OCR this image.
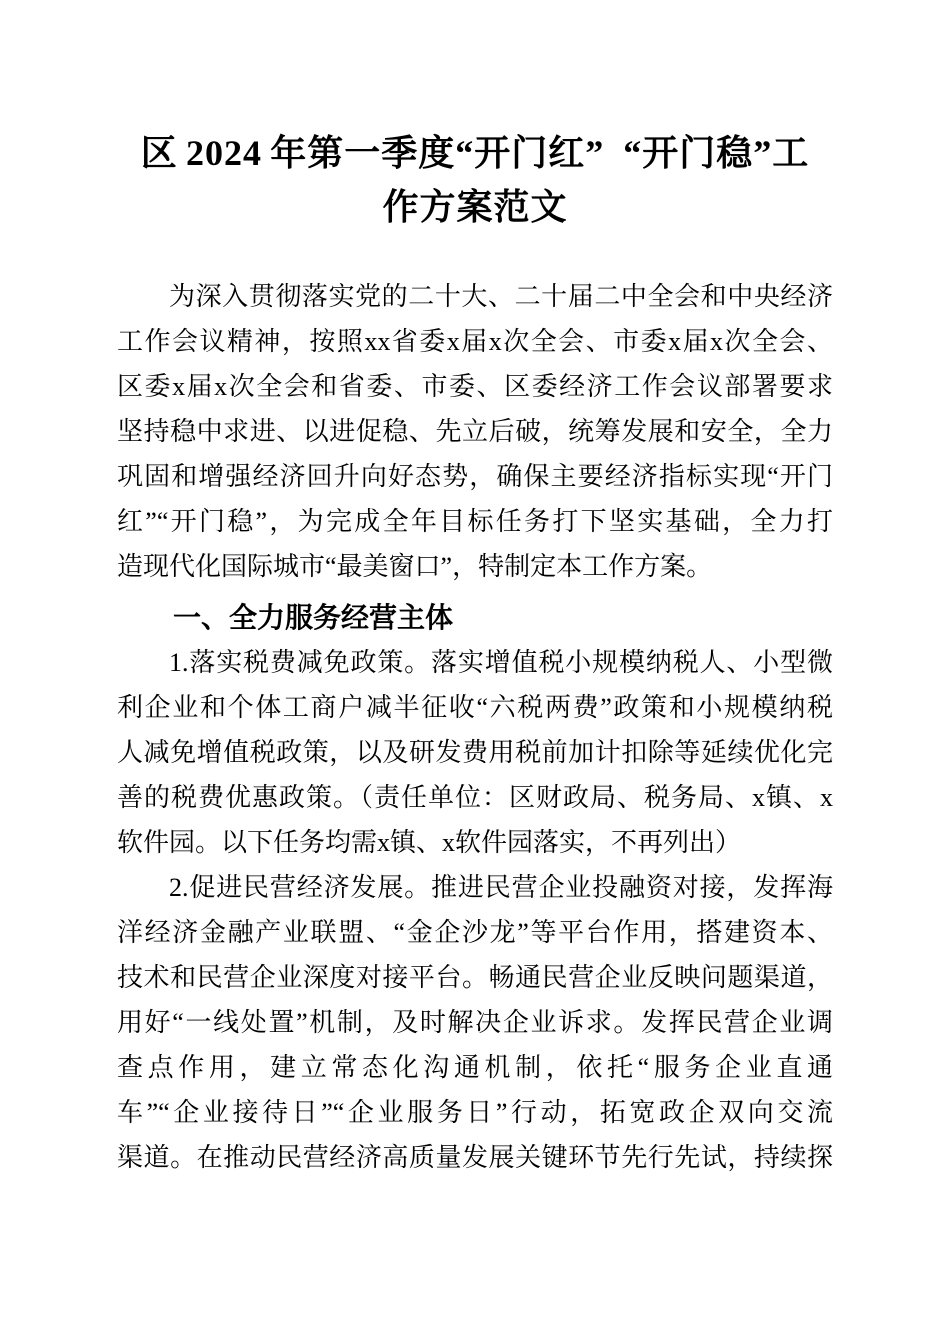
区 2024 年第一季度“开门红” “开门稳”工
作方案范文
为深入贯彻落实党的二十大、二十届二中全会和中央经济
工作会议精神，按照xx省委x届x次全会、市委x届x次全会、
区委x届x次全会和省委、市委、区委经济工作会议部署要求
坚持稳中求进、以进促稳、先立后破，统筹发展和安全，全力
巩固和增强经济回升向好态势，确保主要经济指标实现“开门
红”“开门稳”，为完成全年目标任务打下坚实基础，全力打
造现代化国际城市“最美窗口”，特制定本工作方案。
一、全力服务经营主体
1.落实税费减免政策。落实增值税小规模纳税人、小型微
利企业和个体工商户减半征收“六税两费”政策和小规模纳税
人减免增值税政策，以及研发费用税前加计扣除等延续优化完
善的税费优惠政策。（责任单位：区财政局、税务局、x镇、x
软件园。以下任务均需x镇、x软件园落实，不再列出）
2.促进民营经济发展。推进民营企业投融资对接，发挥海
洋经济金融产业联盟、“金企沙龙”等平台作用，搭建资本、
技术和民营企业深度对接平台。畅通民营企业反映问题渠道，
用好“一线处置”机制，及时解决企业诉求。发挥民营企业调
查点作用，建立常态化沟通机制，依托“服务企业直通
车”“企业接待日”“企业服务日”行动，拓宽政企双向交流
渠道。在推动民营经济高质量发展关键环节先行先试，持续探
